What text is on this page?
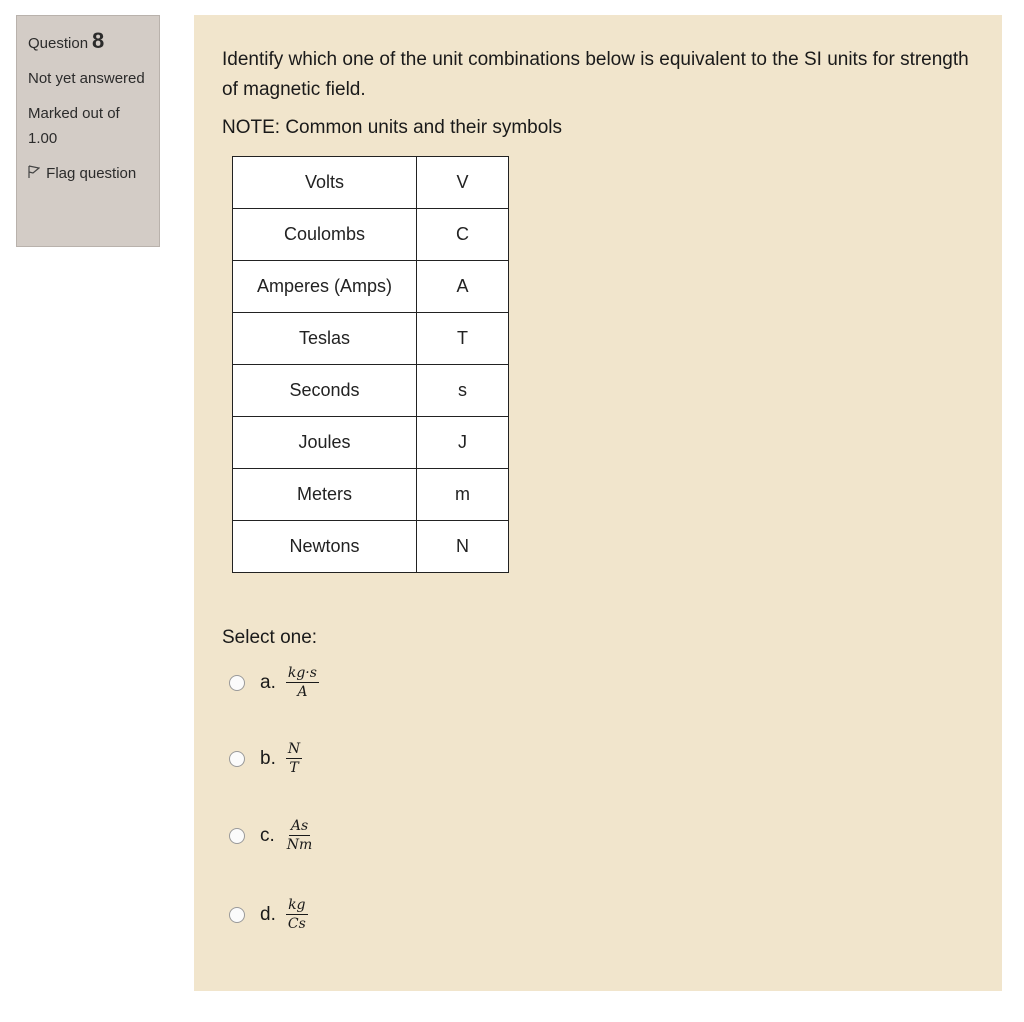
Question 8
Not yet answered
Marked out of 1.00
Flag question
Identify which one of the unit combinations below is equivalent to the SI units for strength of magnetic field.
NOTE: Common units and their symbols
Volts	V
Coulombs	C
Amperes (Amps)	A
Teslas	T
Seconds	s
Joules	J
Meters	m
Newtons	N
Select one:
a. $\frac{kg\cdot s}{A}$
b. $\frac{N}{T}$
c. $\frac{As}{Nm}$
d. $\frac{kg}{Cs}$
